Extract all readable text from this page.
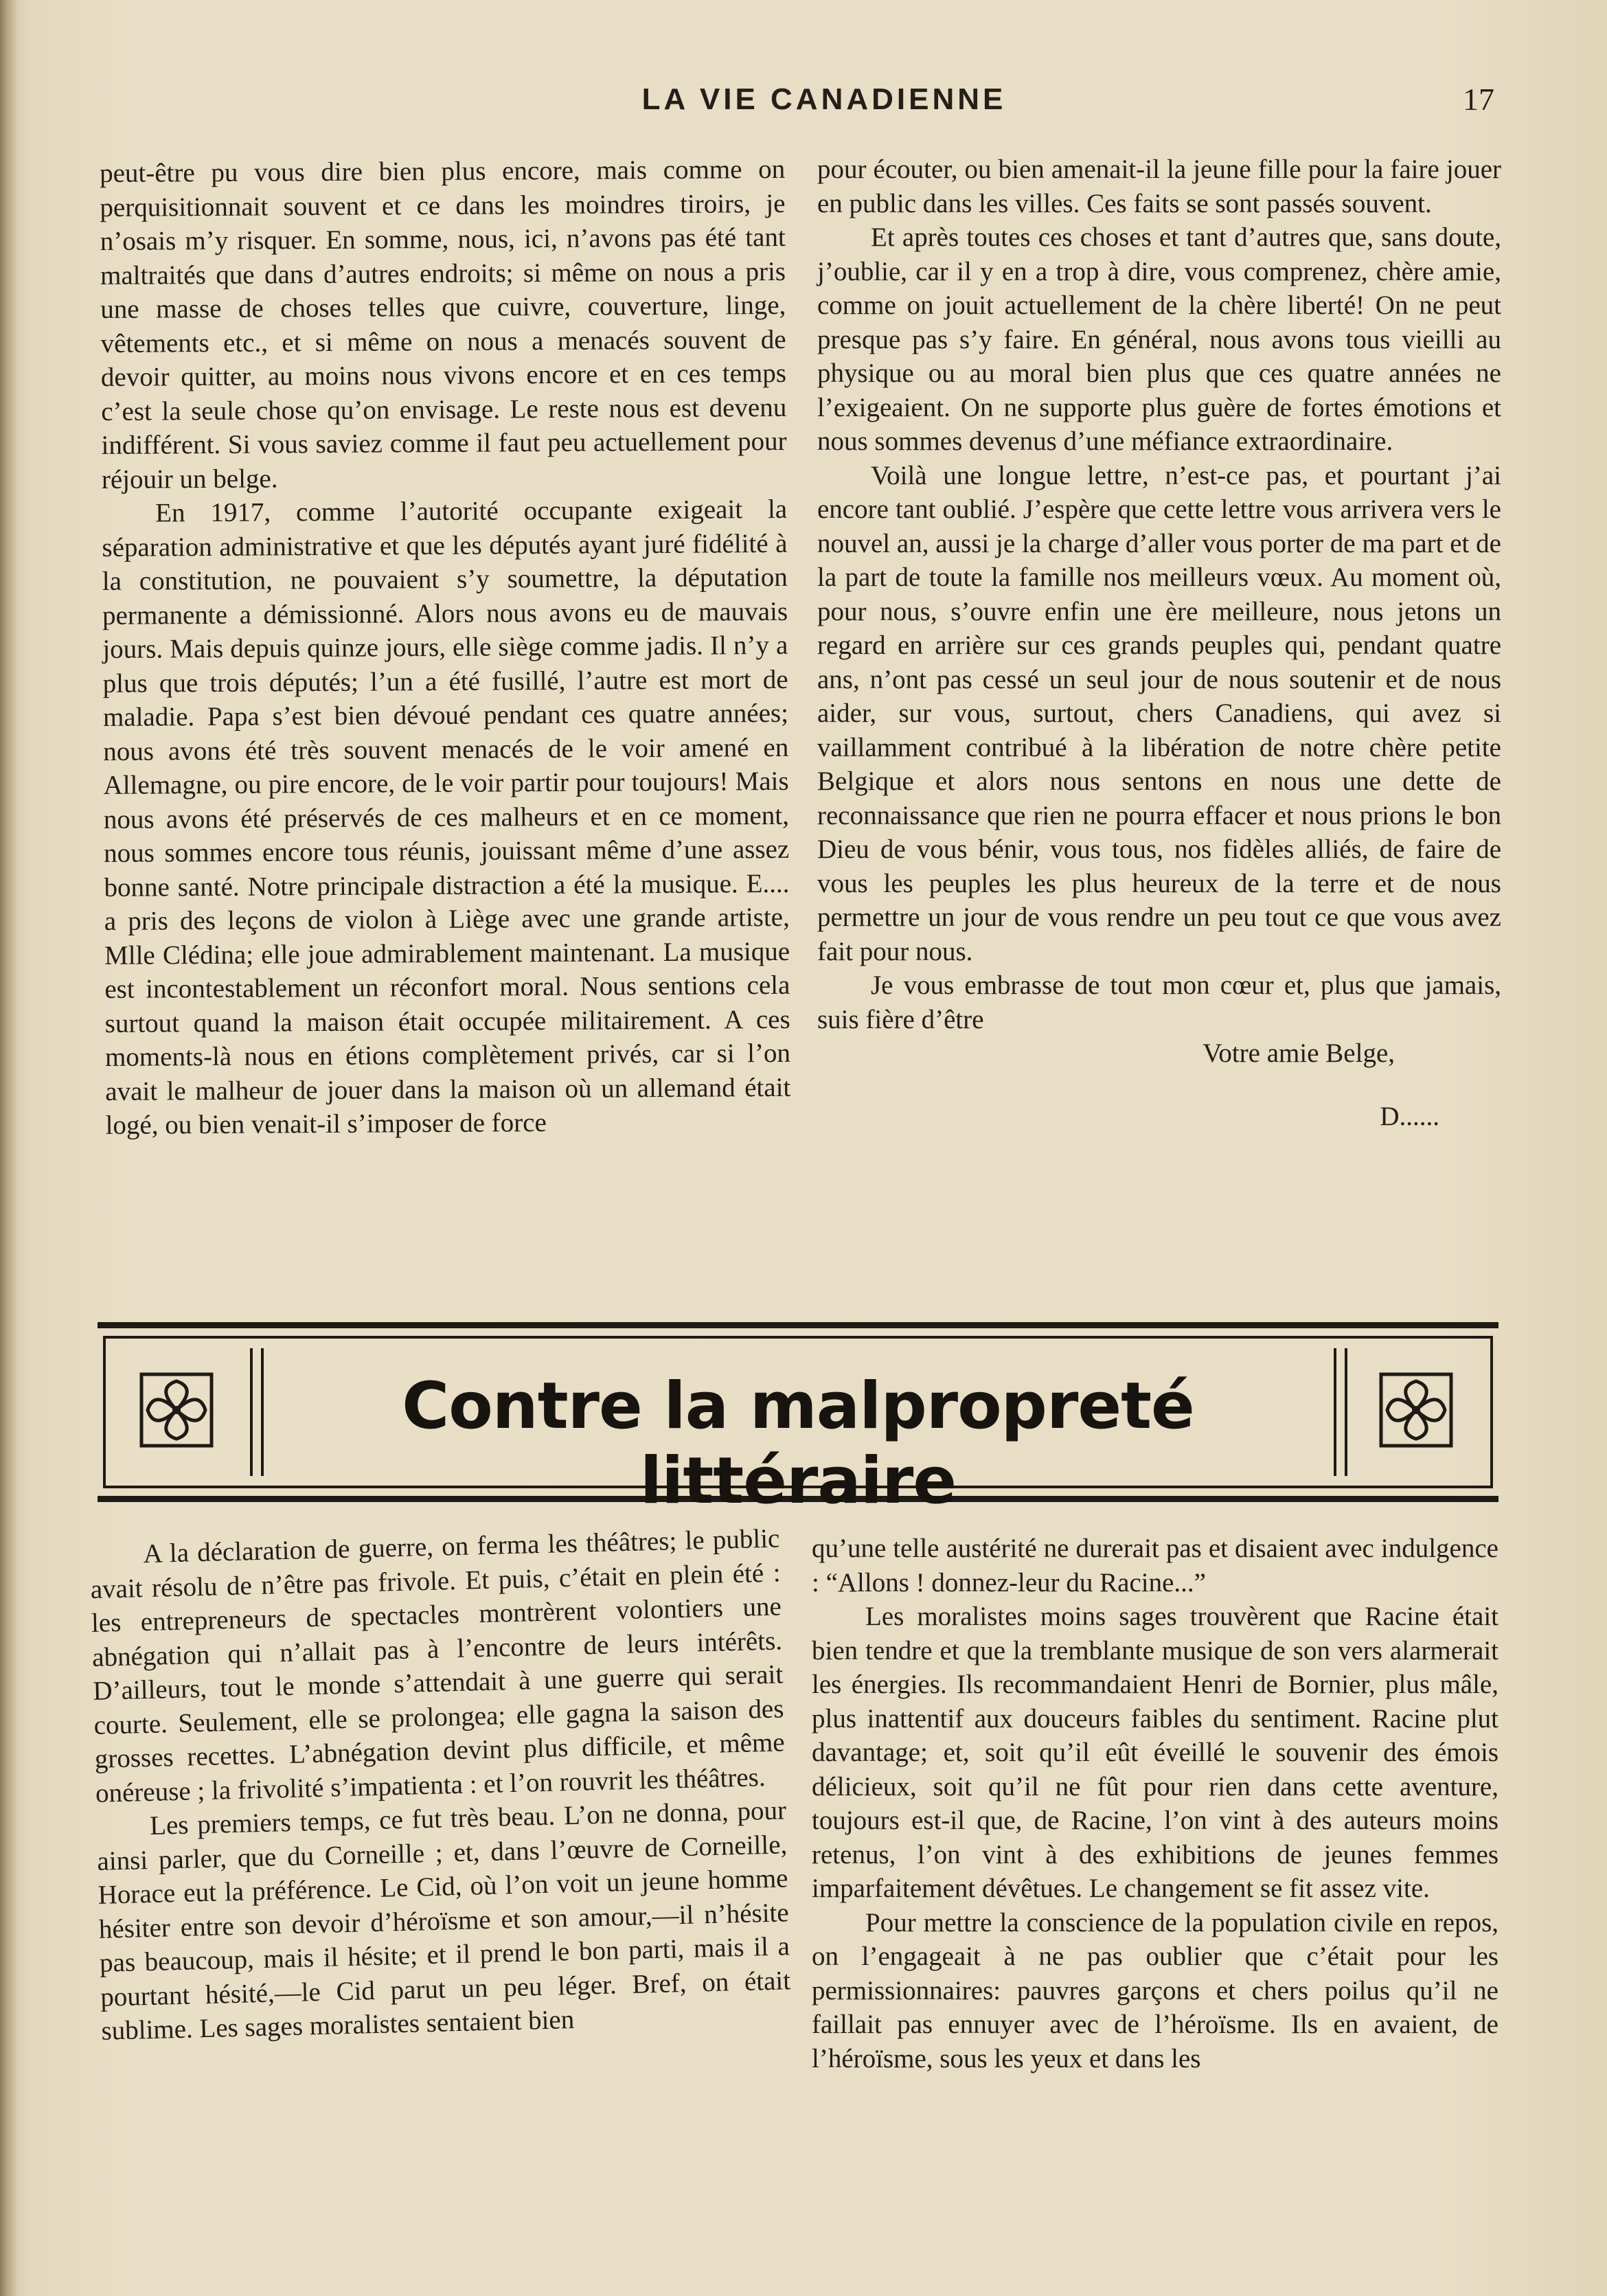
LA VIE CANADIENNE	17

peut-être pu vous dire bien plus encore, mais comme on perquisitionnait souvent et ce dans les moindres tiroirs, je n’osais m’y risquer. En somme, nous, ici, n’avons pas été tant maltraités que dans d’autres endroits; si même on nous a pris une masse de choses telles que cuivre, couverture, linge, vêtements etc., et si même on nous a menacés souvent de devoir quitter, au moins nous vivons encore et en ces temps c’est la seule chose qu’on envisage. Le reste nous est devenu indifférent. Si vous saviez comme il faut peu actuellement pour réjouir un belge.

En 1917, comme l’autorité occupante exigeait la séparation administrative et que les députés ayant juré fidélité à la constitution, ne pouvaient s’y soumettre, la députation permanente a démissionné. Alors nous avons eu de mauvais jours. Mais depuis quinze jours, elle siège comme jadis. Il n’y a plus que trois députés; l’un a été fusillé, l’autre est mort de maladie. Papa s’est bien dévoué pendant ces quatre années; nous avons été très souvent menacés de le voir amené en Allemagne, ou pire encore, de le voir partir pour toujours! Mais nous avons été préservés de ces malheurs et en ce moment, nous sommes encore tous réunis, jouissant même d’une assez bonne santé. Notre principale distraction a été la musique. E.... a pris des leçons de violon à Liège avec une grande artiste, Mlle Clédina; elle joue admirablement maintenant. La musique est incontestablement un réconfort moral. Nous sentions cela surtout quand la maison était occupée militairement. A ces moments-là nous en étions complètement privés, car si l’on avait le malheur de jouer dans la maison où un allemand était logé, ou bien venait-il s’imposer de force

pour écouter, ou bien amenait-il la jeune fille pour la faire jouer en public dans les villes. Ces faits se sont passés souvent.

Et après toutes ces choses et tant d’autres que, sans doute, j’oublie, car il y en a trop à dire, vous comprenez, chère amie, comme on jouit actuellement de la chère liberté! On ne peut presque pas s’y faire. En général, nous avons tous vieilli au physique ou au moral bien plus que ces quatre années ne l’exigeaient. On ne supporte plus guère de fortes émotions et nous sommes devenus d’une méfiance extraordinaire.

Voilà une longue lettre, n’est-ce pas, et pourtant j’ai encore tant oublié. J’espère que cette lettre vous arrivera vers le nouvel an, aussi je la charge d’aller vous porter de ma part et de la part de toute la famille nos meilleurs vœux. Au moment où, pour nous, s’ouvre enfin une ère meilleure, nous jetons un regard en arrière sur ces grands peuples qui, pendant quatre ans, n’ont pas cessé un seul jour de nous soutenir et de nous aider, sur vous, surtout, chers Canadiens, qui avez si vaillamment contribué à la libération de notre chère petite Belgique et alors nous sentons en nous une dette de reconnaissance que rien ne pourra effacer et nous prions le bon Dieu de vous bénir, vous tous, nos fidèles alliés, de faire de vous les peuples les plus heureux de la terre et de nous permettre un jour de vous rendre un peu tout ce que vous avez fait pour nous.

Je vous embrasse de tout mon cœur et, plus que jamais, suis fière d’être

Votre amie Belge,
D......
Contre la malpropreté littéraire

A la déclaration de guerre, on ferma les théâtres; le public avait résolu de n’être pas frivole. Et puis, c’était en plein été : les entrepreneurs de spectacles montrèrent volontiers une abnégation qui n’allait pas à l’encontre de leurs intérêts. D’ailleurs, tout le monde s’attendait à une guerre qui serait courte. Seulement, elle se prolongea; elle gagna la saison des grosses recettes. L’abnégation devint plus difficile, et même onéreuse ; la frivolité s’impatienta : et l’on rouvrit les théâtres.

Les premiers temps, ce fut très beau. L’on ne donna, pour ainsi parler, que du Corneille ; et, dans l’œuvre de Corneille, Horace eut la préférence. Le Cid, où l’on voit un jeune homme hésiter entre son devoir d’héroïsme et son amour,—il n’hésite pas beaucoup, mais il hésite; et il prend le bon parti, mais il a pourtant hésité,—le Cid parut un peu léger. Bref, on était sublime. Les sages moralistes sentaient bien

qu’une telle austérité ne durerait pas et disaient avec indulgence : “Allons ! donnez-leur du Racine...”

Les moralistes moins sages trouvèrent que Racine était bien tendre et que la tremblante musique de son vers alarmerait les énergies. Ils recommandaient Henri de Bornier, plus mâle, plus inattentif aux douceurs faibles du sentiment. Racine plut davantage; et, soit qu’il eût éveillé le souvenir des émois délicieux, soit qu’il ne fût pour rien dans cette aventure, toujours est-il que, de Racine, l’on vint à des auteurs moins retenus, l’on vint à des exhibitions de jeunes femmes imparfaitement dévêtues. Le changement se fit assez vite.

Pour mettre la conscience de la population civile en repos, on l’engageait à ne pas oublier que c’était pour les permissionnaires: pauvres garçons et chers poilus qu’il ne faillait pas ennuyer avec de l’héroïsme. Ils en avaient, de l’héroïsme, sous les yeux et dans les
